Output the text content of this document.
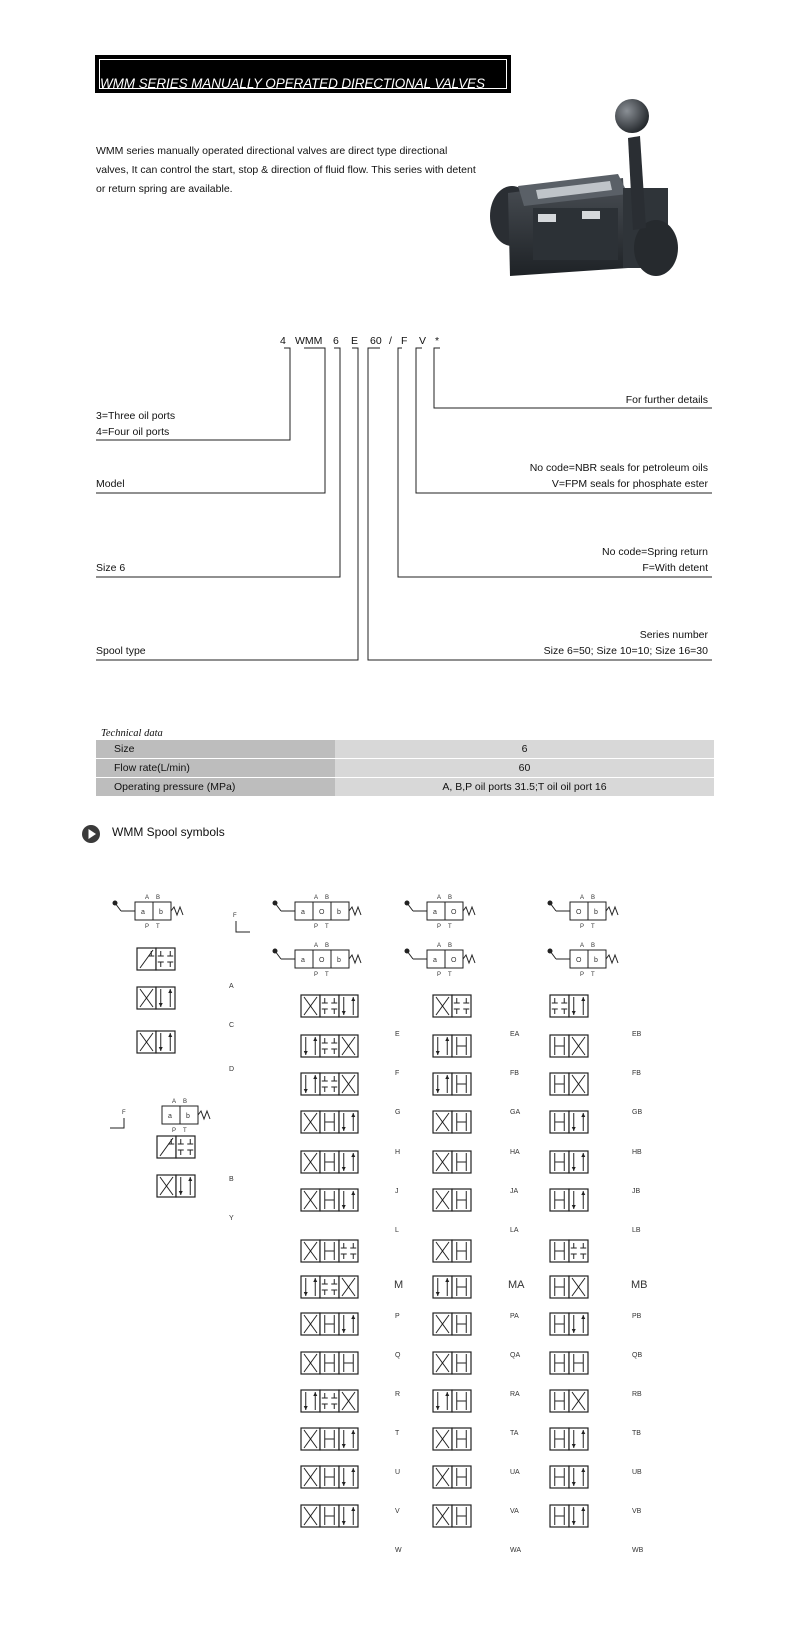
WMM SERIES MANUALLY OPERATED DIRECTIONAL VALVES
WMM series manually operated directional valves are direct type directional valves, It can control the start, stop & direction of fluid flow. This series with detent or return spring are available.
4 WMM 6 E 60 / F V *
3=Three oil ports
4=Four oil ports
Model
Size 6
Spool type
For further details
No code=NBR seals for petroleum oils
V=FPM seals for phosphate ester
No code=Spring return
F=With detent
Series number
Size 6=50; Size 10=10; Size 16=30
Technical data
Size	6
Flow rate(L/min)	60
Operating pressure (MPa)	A, B,P oil ports 31.5;T oil oil port 16
WMM Spool symbols
a b
A B
P T
a O b
A B
P T
a O b
A B
P T
a O
A B
P T
a O
A B
P T
O b
A B
P T
O b
A B
P T
a b
A B
P T
F
F
A
C
D
B
Y
E
F
G
H
J
L
M
P
Q
R
T
U
V
W
EA
FB
GA
HA
JA
LA
MA
PA
QA
RA
TA
UA
VA
WA
EB
FB
GB
HB
JB
LB
MB
PB
QB
RB
TB
UB
VB
WB
